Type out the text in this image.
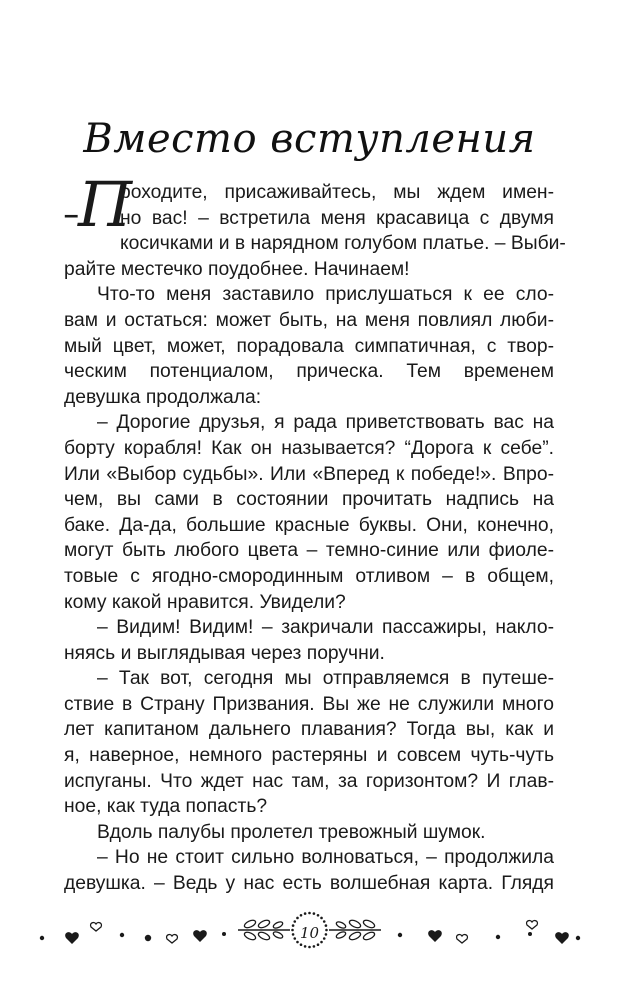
Вместо вступления
– П
роходите, присаживайтесь, мы ждем имен-
но вас! – встретила меня красавица с двумя
косичками и в нарядном голубом платье. – Выби-
райте местечко поудобнее. Начинаем!
Что-то меня заставило прислушаться к ее сло-
вам и остаться: может быть, на меня повлиял люби-
мый цвет, может, порадовала симпатичная, с твор-
ческим потенциалом, прическа. Тем временем
девушка продолжала:
– Дорогие друзья, я рада приветствовать вас на
борту корабля! Как он называется? “Дорога к себе”.
Или «Выбор судьбы». Или «Вперед к победе!». Впро-
чем, вы сами в состоянии прочитать надпись на
баке. Да-да, большие красные буквы. Они, конечно,
могут быть любого цвета – темно-синие или фиоле-
товые с ягодно-смородинным отливом – в общем,
кому какой нравится. Увидели?
– Видим! Видим! – закричали пассажиры, накло-
няясь и выглядывая через поручни.
– Так вот, сегодня мы отправляемся в путеше-
ствие в Страну Призвания. Вы же не служили много
лет капитаном дальнего плавания? Тогда вы, как и
я, наверное, немного растеряны и совсем чуть-чуть
испуганы. Что ждет нас там, за горизонтом? И глав-
ное, как туда попасть?
Вдоль палубы пролетел тревожный шумок.
– Но не стоит сильно волноваться, – продолжила
девушка. – Ведь у нас есть волшебная карта. Глядя
10
